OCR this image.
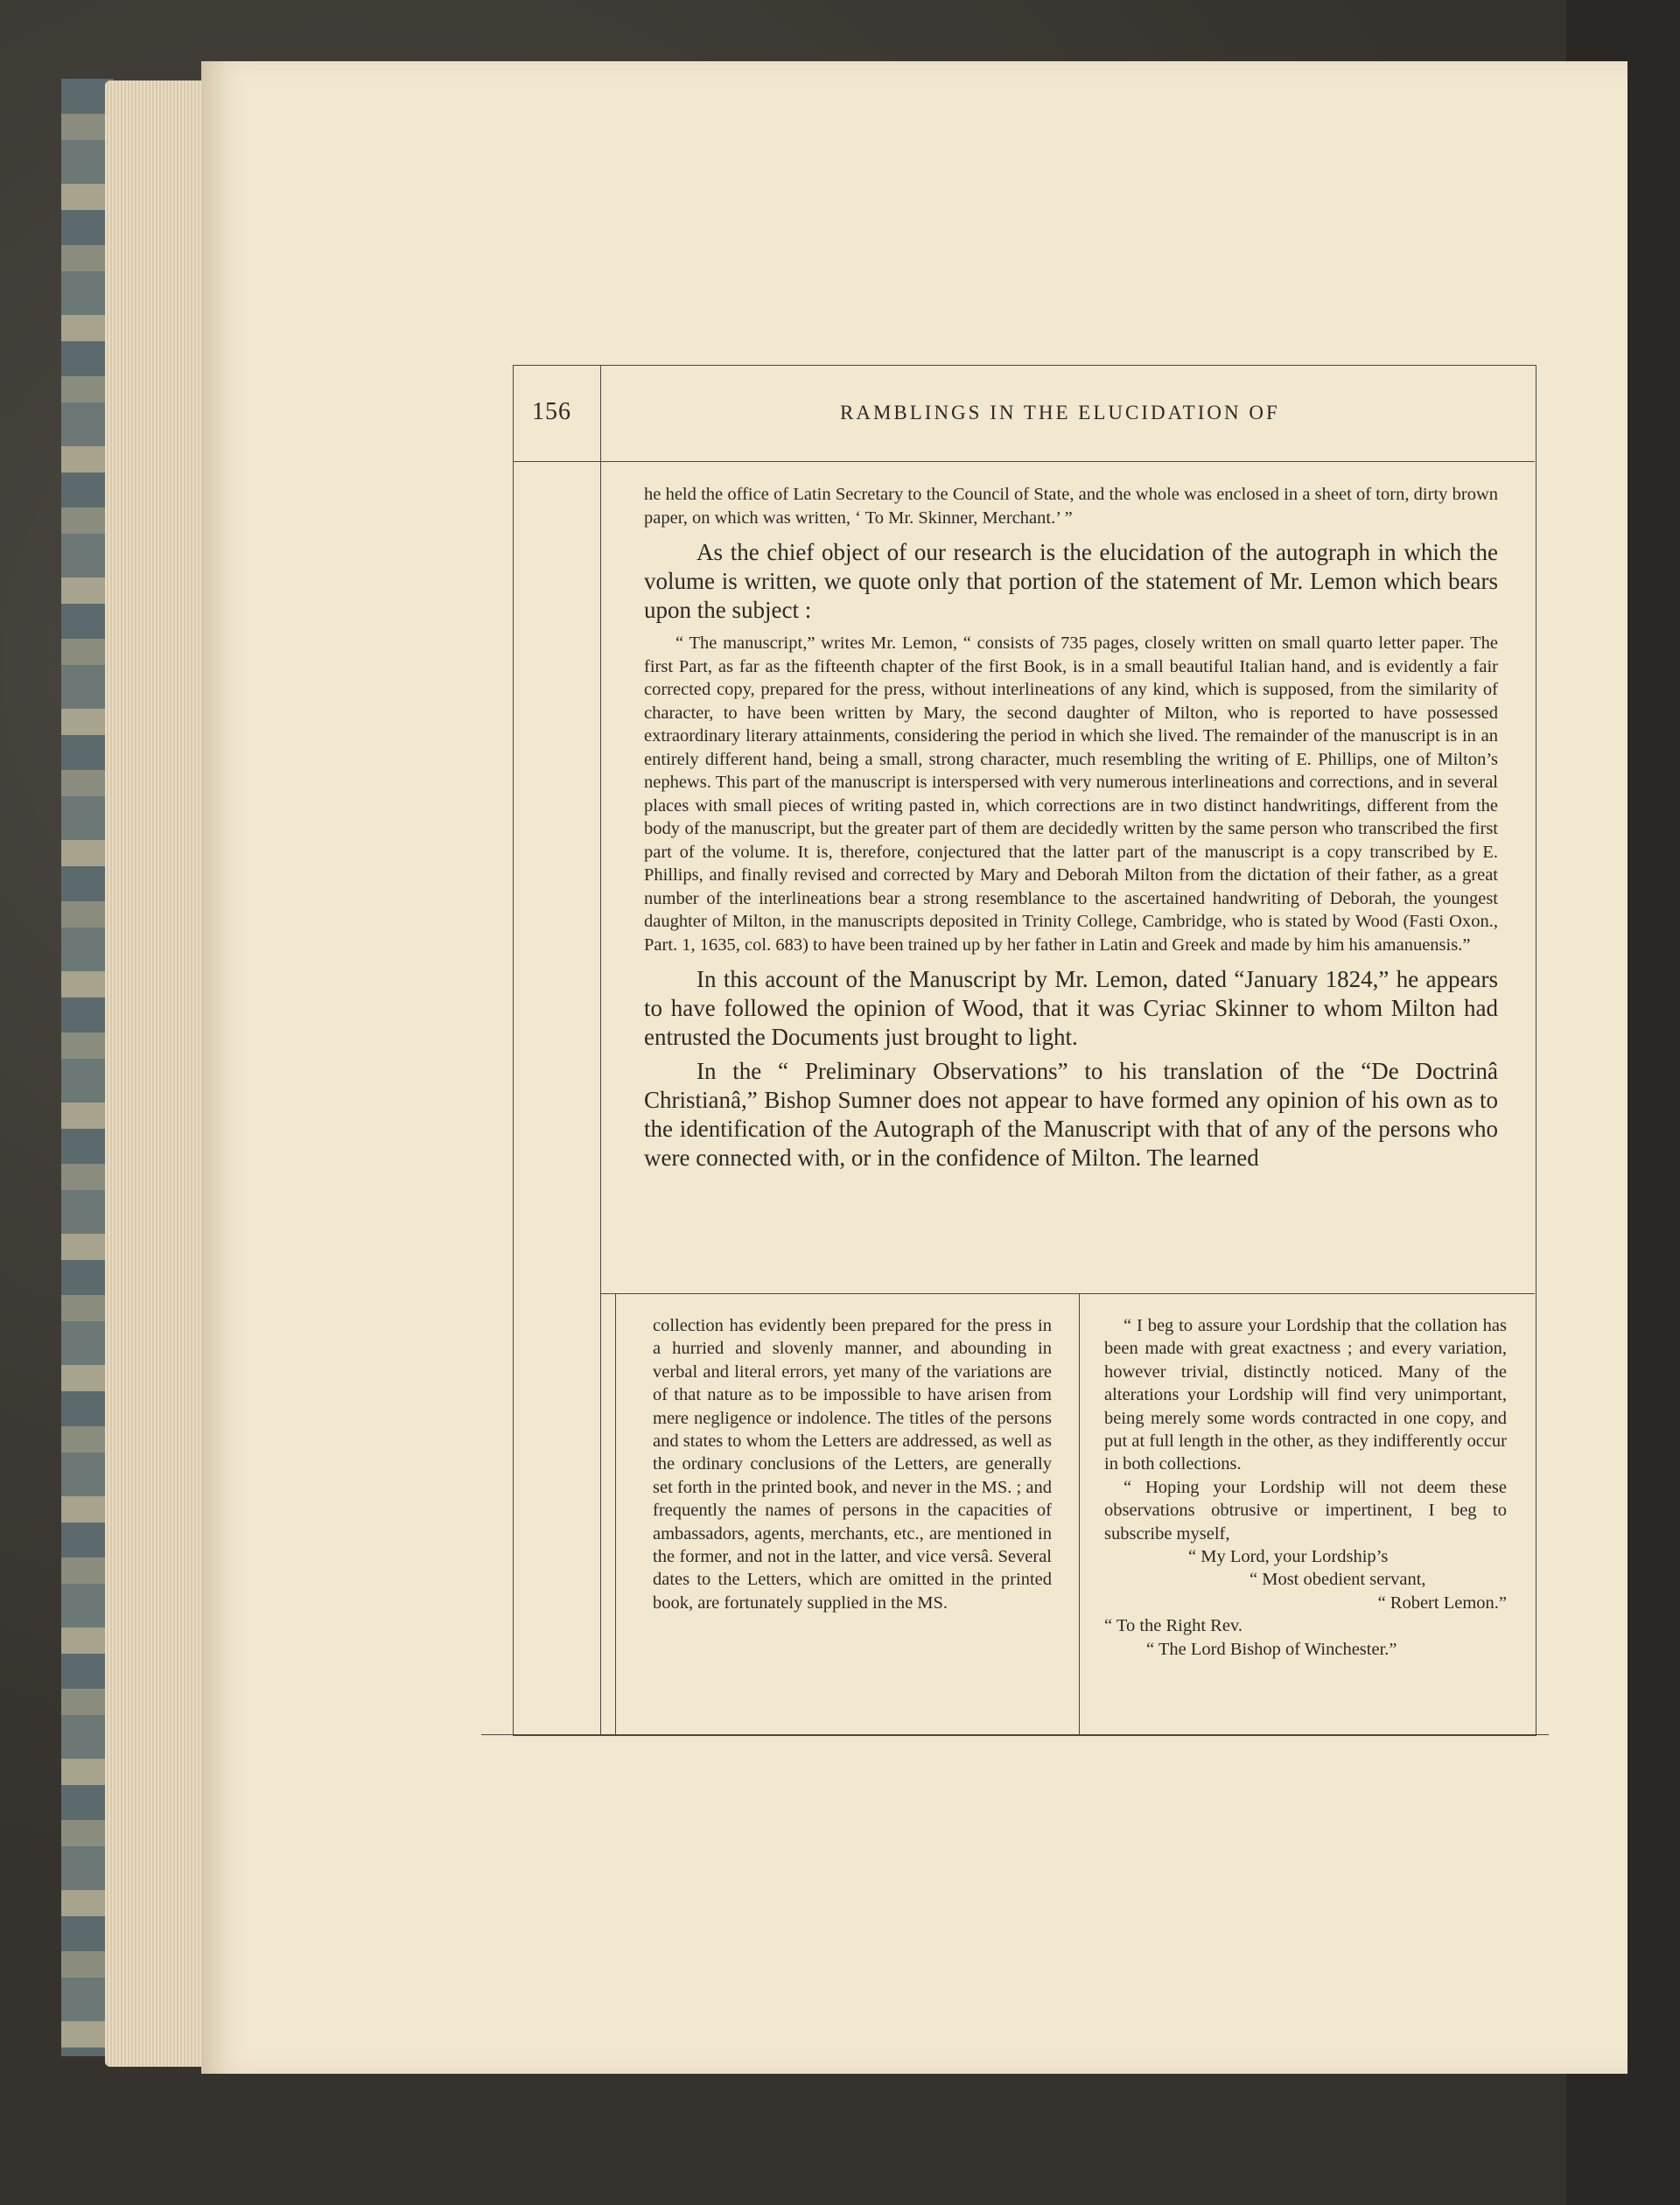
156	RAMBLINGS IN THE ELUCIDATION OF

he held the office of Latin Secretary to the Council of State, and the whole was enclosed in a sheet of torn, dirty brown paper, on which was written, ‘ To Mr. Skinner, Merchant.’ ”

As the chief object of our research is the elucidation of the autograph in which the volume is written, we quote only that portion of the statement of Mr. Lemon which bears upon the subject :

“ The manuscript,” writes Mr. Lemon, “ consists of 735 pages, closely written on small quarto letter paper. The first Part, as far as the fifteenth chapter of the first Book, is in a small beautiful Italian hand, and is evidently a fair corrected copy, prepared for the press, without interlineations of any kind, which is supposed, from the similarity of character, to have been written by Mary, the second daughter of Milton, who is reported to have possessed extraordinary literary attainments, considering the period in which she lived. The remainder of the manuscript is in an entirely different hand, being a small, strong character, much resembling the writing of E. Phillips, one of Milton’s nephews. This part of the manuscript is interspersed with very numerous interlineations and corrections, and in several places with small pieces of writing pasted in, which corrections are in two distinct handwritings, different from the body of the manuscript, but the greater part of them are decidedly written by the same person who transcribed the first part of the volume. It is, therefore, conjectured that the latter part of the manuscript is a copy transcribed by E. Phillips, and finally revised and corrected by Mary and Deborah Milton from the dictation of their father, as a great number of the interlineations bear a strong resemblance to the ascertained handwriting of Deborah, the youngest daughter of Milton, in the manuscripts deposited in Trinity College, Cambridge, who is stated by Wood (Fasti Oxon., Part. 1, 1635, col. 683) to have been trained up by her father in Latin and Greek and made by him his amanuensis.”

In this account of the Manuscript by Mr. Lemon, dated “January 1824,” he appears to have followed the opinion of Wood, that it was Cyriac Skinner to whom Milton had entrusted the Documents just brought to light.

In the “ Preliminary Observations” to his translation of the “De Doctrinâ Christianâ,” Bishop Sumner does not appear to have formed any opinion of his own as to the identification of the Autograph of the Manuscript with that of any of the persons who were connected with, or in the confidence of Milton. The learned

collection has evidently been prepared for the press in a hurried and slovenly manner, and abounding in verbal and literal errors, yet many of the variations are of that nature as to be impossible to have arisen from mere negligence or indolence. The titles of the persons and states to whom the Letters are addressed, as well as the ordinary conclusions of the Letters, are generally set forth in the printed book, and never in the MS. ; and frequently the names of persons in the capacities of ambassadors, agents, merchants, etc., are mentioned in the former, and not in the latter, and vice versâ. Several dates to the Letters, which are omitted in the printed book, are fortunately supplied in the MS.

“ I beg to assure your Lordship that the collation has been made with great exactness ; and every variation, however trivial, distinctly noticed. Many of the alterations your Lordship will find very unimportant, being merely some words contracted in one copy, and put at full length in the other, as they indifferently occur in both collections.

“ Hoping your Lordship will not deem these observations obtrusive or impertinent, I beg to subscribe myself,

“ My Lord, your Lordship’s

“ Most obedient servant,

“ Robert Lemon.”

“ To the Right Rev.

“ The Lord Bishop of Winchester.”
